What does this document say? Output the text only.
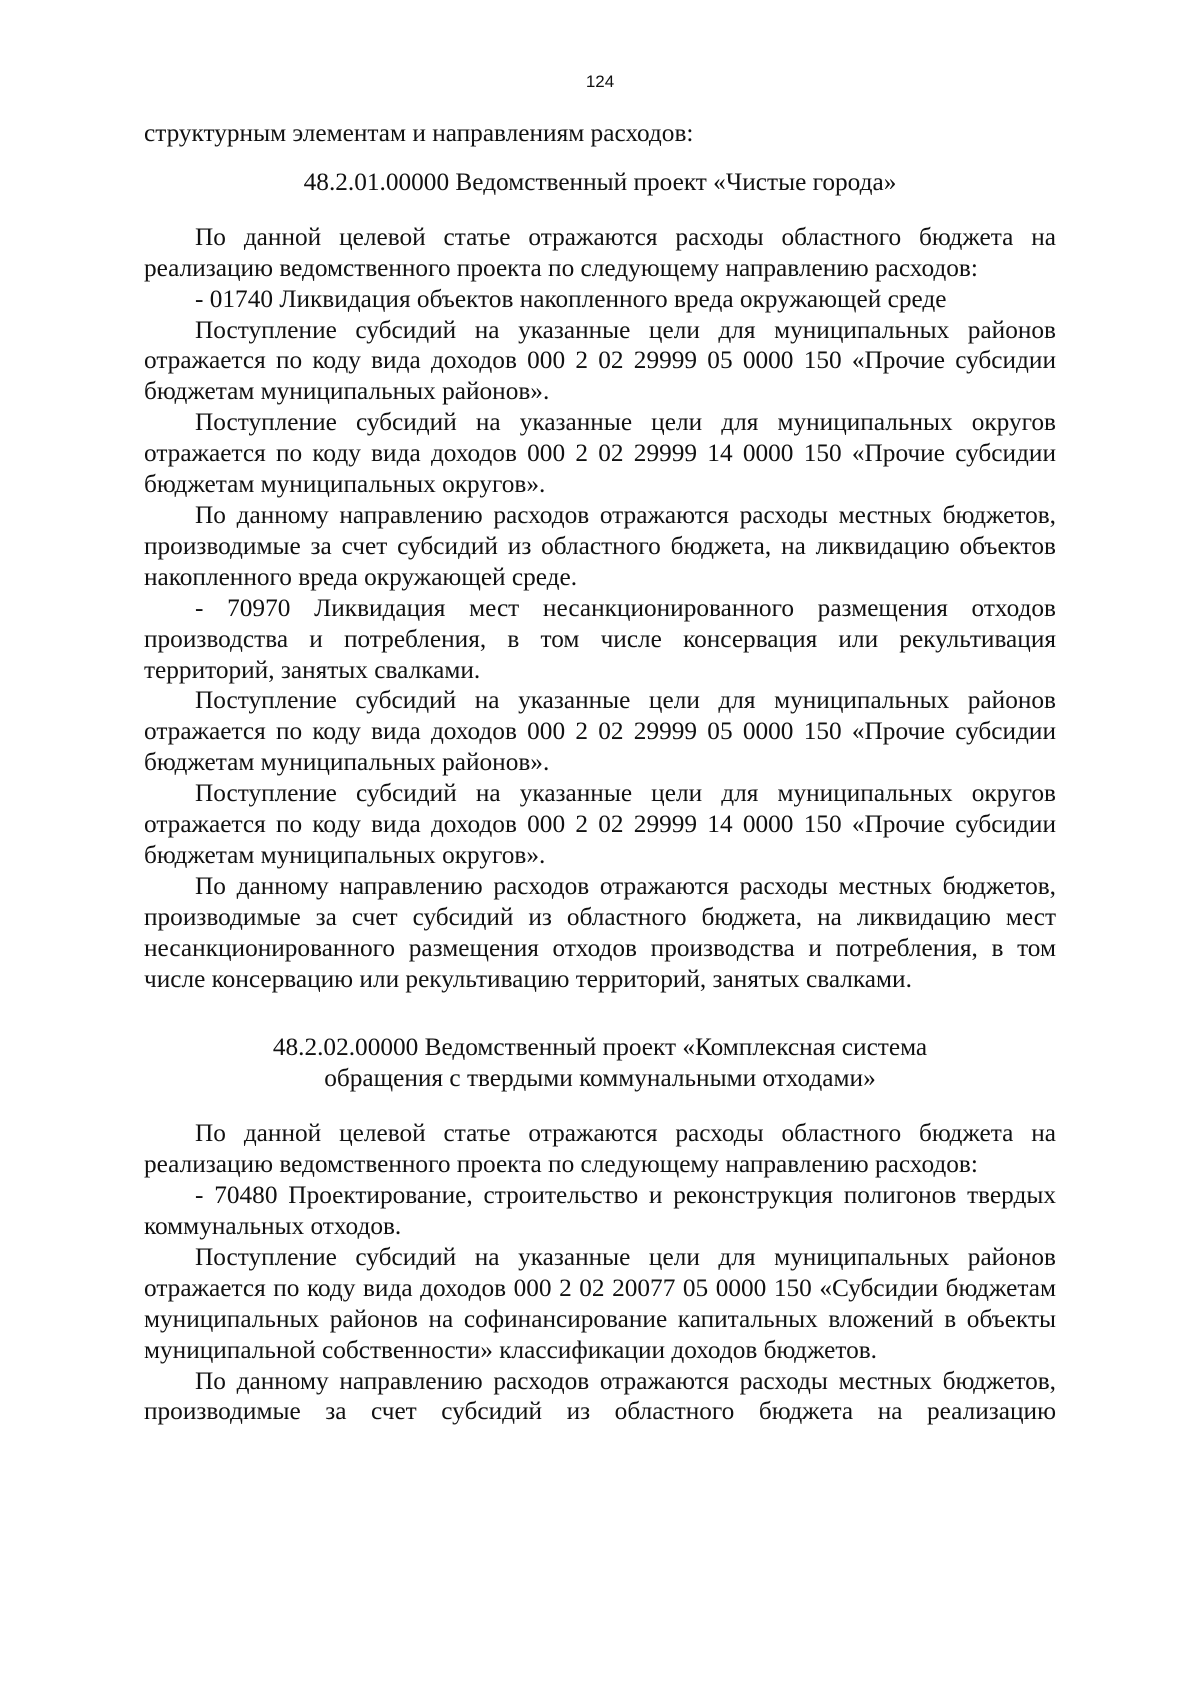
124

структурным элементам и направлениям расходов:

48.2.01.00000 Ведомственный проект «Чистые города»

По данной целевой статье отражаются расходы областного бюджета на реализацию ведомственного проекта по следующему направлению расходов:

- 01740 Ликвидация объектов накопленного вреда окружающей среде

Поступление субсидий на указанные цели для муниципальных районов отражается по коду вида доходов 000 2 02 29999 05 0000 150 «Прочие субсидии бюджетам муниципальных районов».

Поступление субсидий на указанные цели для муниципальных округов отражается по коду вида доходов 000 2 02 29999 14 0000 150 «Прочие субсидии бюджетам муниципальных округов».

По данному направлению расходов отражаются расходы местных бюджетов, производимые за счет субсидий из областного бюджета, на ликвидацию объектов накопленного вреда окружающей среде.

- 70970 Ликвидация мест несанкционированного размещения отходов производства и потребления, в том числе консервация или рекультивация территорий, занятых свалками.

Поступление субсидий на указанные цели для муниципальных районов отражается по коду вида доходов 000 2 02 29999 05 0000 150 «Прочие субсидии бюджетам муниципальных районов».

Поступление субсидий на указанные цели для муниципальных округов отражается по коду вида доходов 000 2 02 29999 14 0000 150 «Прочие субсидии бюджетам муниципальных округов».

По данному направлению расходов отражаются расходы местных бюджетов, производимые за счет субсидий из областного бюджета, на ликвидацию мест несанкционированного размещения отходов производства и потребления, в том числе консервацию или рекультивацию территорий, занятых свалками.

48.2.02.00000 Ведомственный проект «Комплексная система
обращения с твердыми коммунальными отходами»

По данной целевой статье отражаются расходы областного бюджета на реализацию ведомственного проекта по следующему направлению расходов:

- 70480 Проектирование, строительство и реконструкция полигонов твердых коммунальных отходов.

Поступление субсидий на указанные цели для муниципальных районов отражается по коду вида доходов 000 2 02 20077 05 0000 150 «Субсидии бюджетам муниципальных районов на софинансирование капитальных вложений в объекты муниципальной собственности» классификации доходов бюджетов.

По данному направлению расходов отражаются расходы местных бюджетов, производимые за счет субсидий из областного бюджета на реализацию
